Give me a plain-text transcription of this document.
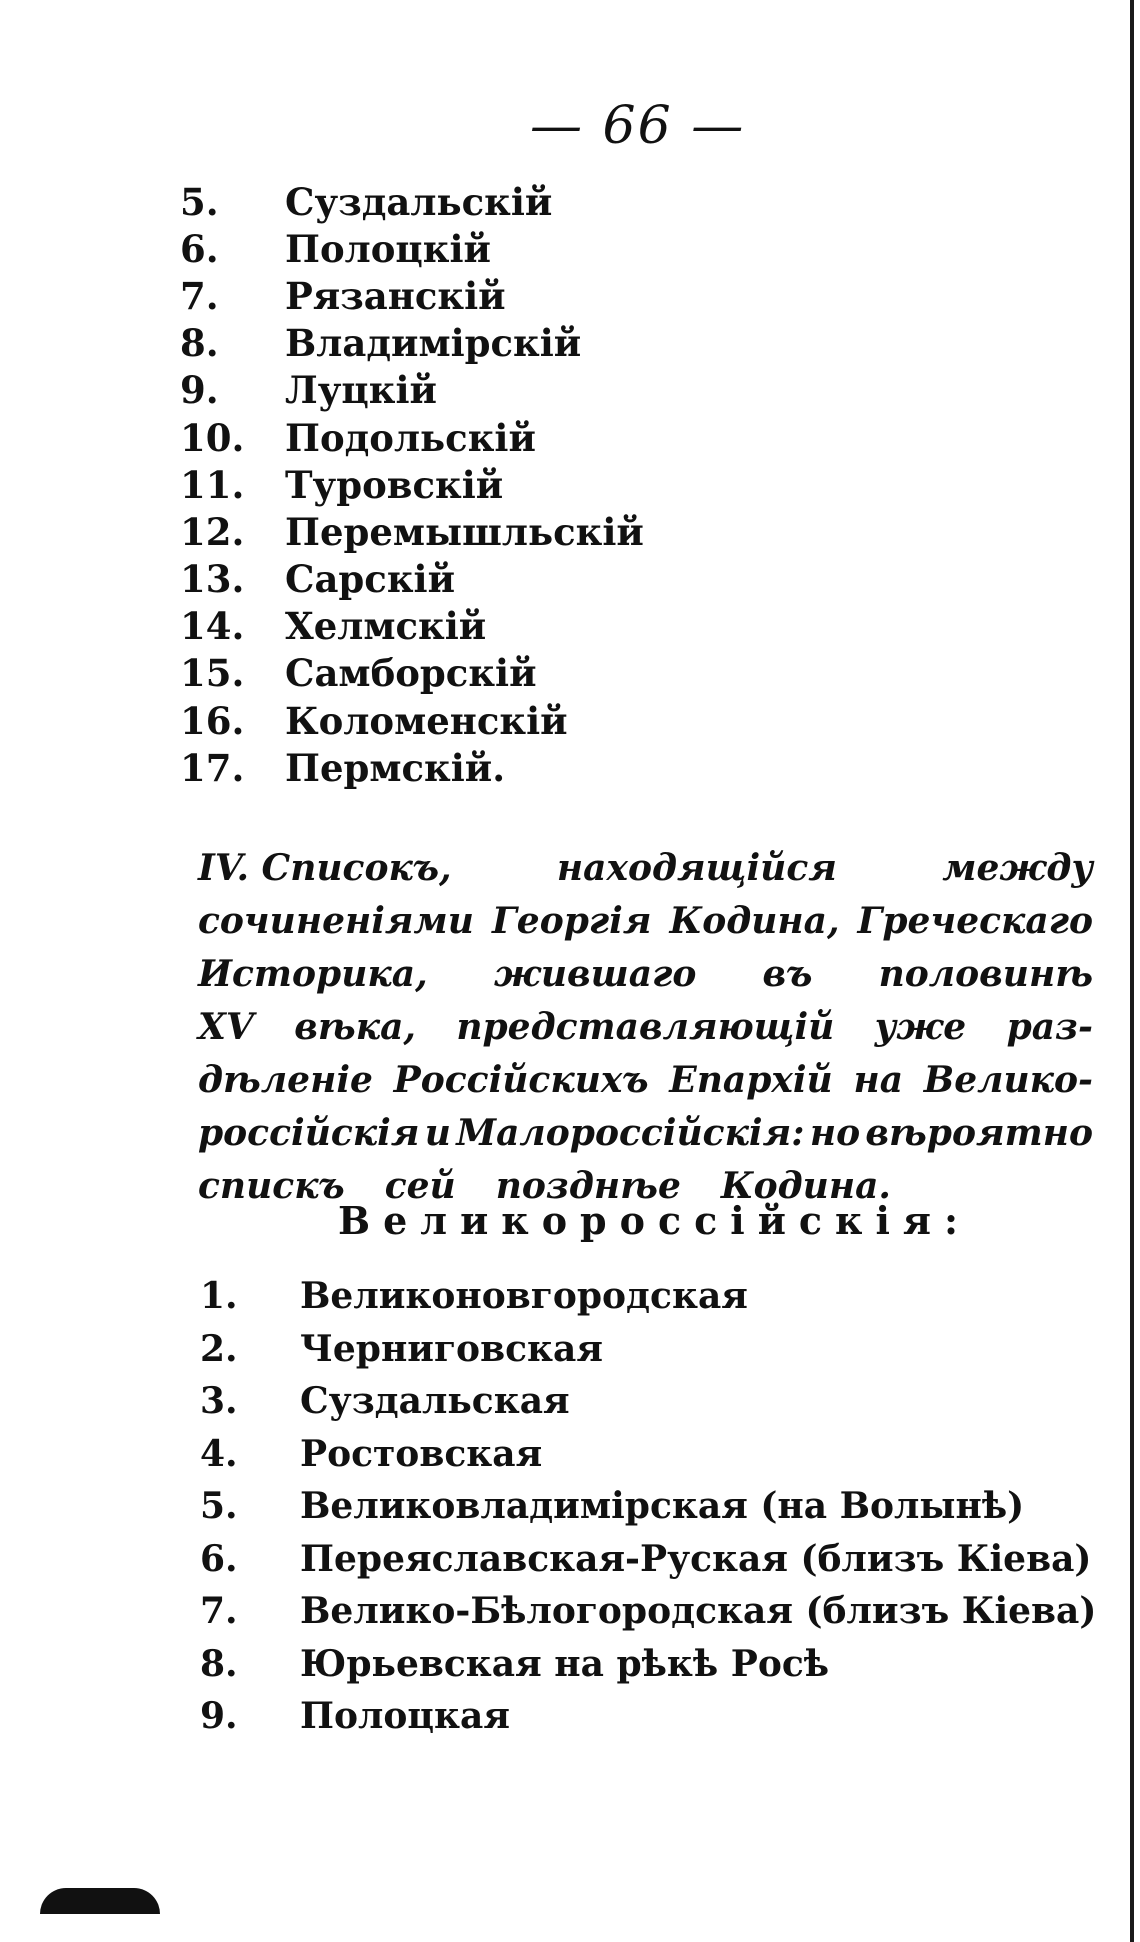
— 66 —
5.	Суздальскій
6.	Полоцкій
7.	Рязанскій
8.	Владимірскій
9.	Луцкій
10.	Подольскій
11.	Туровскій
12.	Перемышльскій
13.	Сарскій
14.	Хелмскій
15.	Самборскій
16.	Коломенскій
17.	Пермскій.
IV. Списокъ,	находящійся	между
сочиненіями Георгія Кодина, Греческаго
Историка, жившаго въ половинѣ
XV вѣка, представляющій уже раз-
дѣленіе Россійскихъ Епархій на Велико-
россійскія и Малороссійскія: но вѣроятно
спискъ сей позднѣе Кодина.
Великороссійскія:
1.	Великоновгородская
2.	Черниговская
3.	Суздальская
4.	Ростовская
5.	Великовладимірская (на Волынѣ)
6.	Переяславская-Руская (близъ Кіева)
7.	Велико-Бѣлогородская (близъ Кіева)
8.	Юрьевская на рѣкѣ Росѣ
9.	Полоцкая
